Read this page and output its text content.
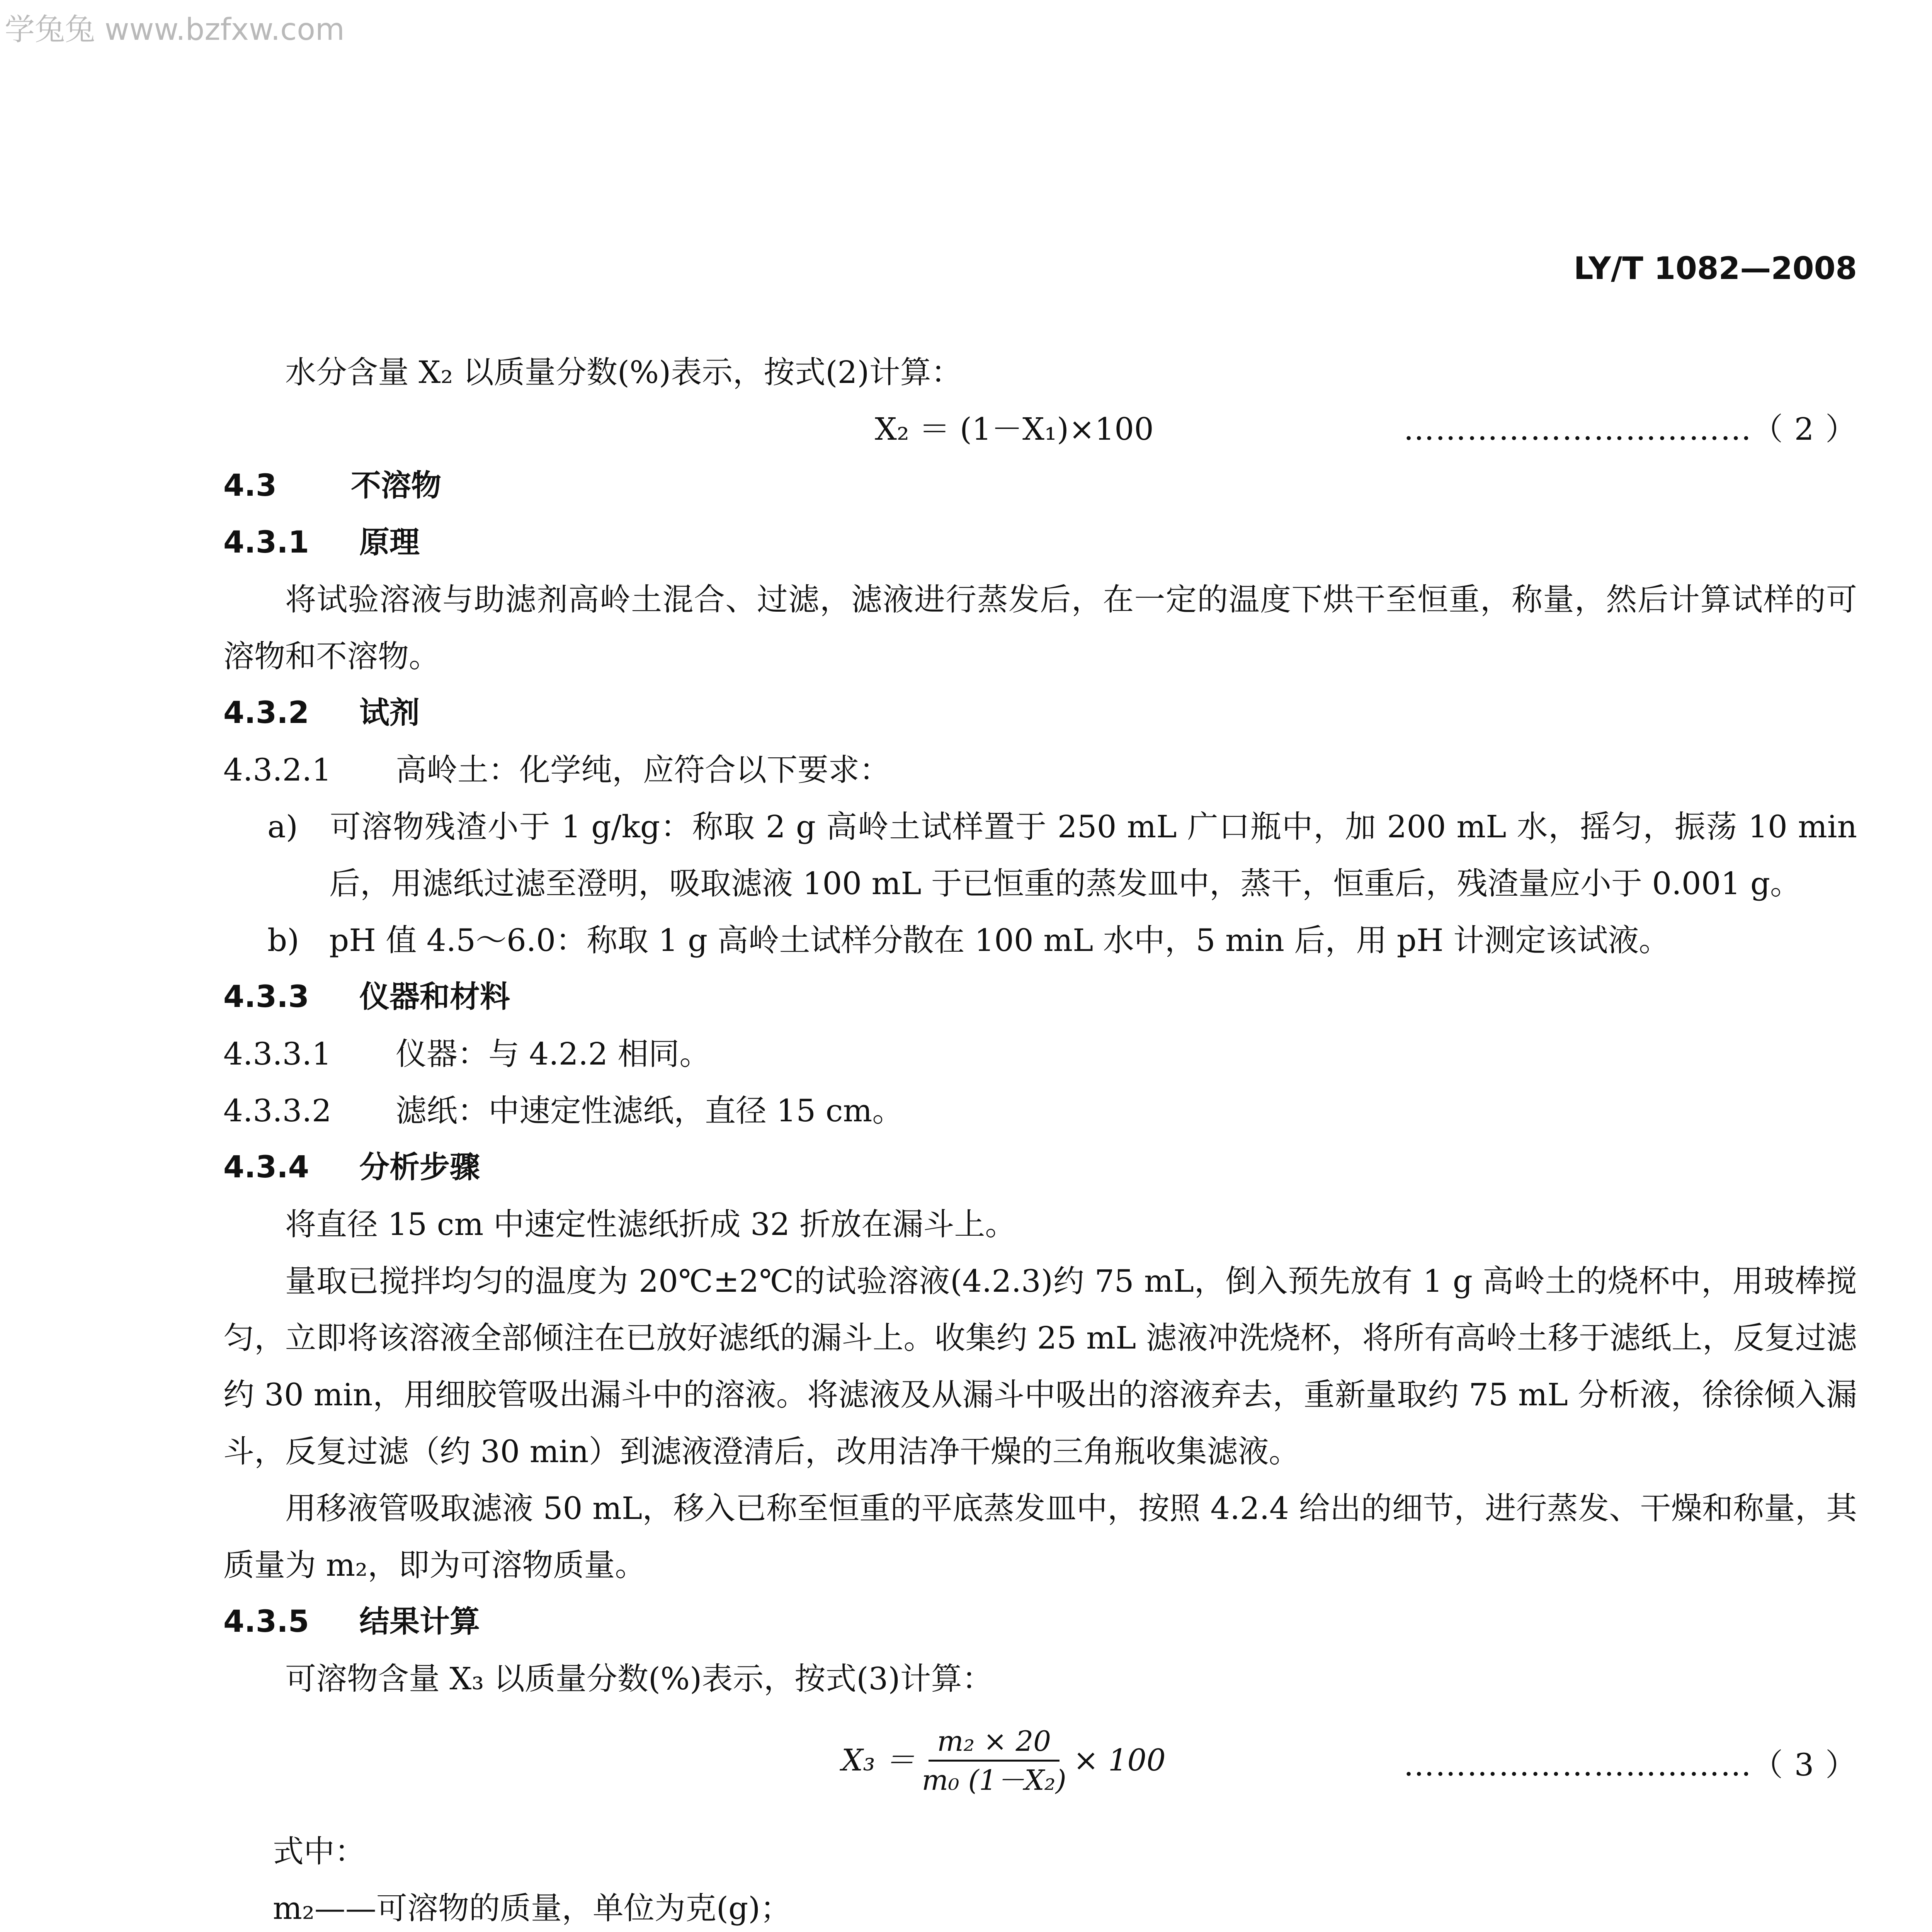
学兔兔 www.bzfxw.com
LY/T 1082—2008

水分含量 X₂ 以质量分数(%)表示，按式(2)计算：

X₂ ＝ (1－X₁)×100	……………………………（ 2 ）

4.3 不溶物

4.3.1 原理

将试验溶液与助滤剂高岭土混合、过滤，滤液进行蒸发后，在一定的温度下烘干至恒重，称量，然后计算试样的可溶物和不溶物。

4.3.2 试剂

4.3.2.1 高岭土：化学纯，应符合以下要求：

a) 可溶物残渣小于 1 g/kg：称取 2 g 高岭土试样置于 250 mL 广口瓶中，加 200 mL 水，摇匀，振荡 10 min 后，用滤纸过滤至澄明，吸取滤液 100 mL 于已恒重的蒸发皿中，蒸干，恒重后，残渣量应小于 0.001 g。

b) pH 值 4.5～6.0：称取 1 g 高岭土试样分散在 100 mL 水中，5 min 后，用 pH 计测定该试液。

4.3.3 仪器和材料

4.3.3.1 仪器：与 4.2.2 相同。

4.3.3.2 滤纸：中速定性滤纸，直径 15 cm。

4.3.4 分析步骤

将直径 15 cm 中速定性滤纸折成 32 折放在漏斗上。

量取已搅拌均匀的温度为 20℃±2℃的试验溶液(4.2.3)约 75 mL，倒入预先放有 1 g 高岭土的烧杯中，用玻棒搅匀，立即将该溶液全部倾注在已放好滤纸的漏斗上。收集约 25 mL 滤液冲洗烧杯，将所有高岭土移于滤纸上，反复过滤约 30 min，用细胶管吸出漏斗中的溶液。将滤液及从漏斗中吸出的溶液弃去，重新量取约 75 mL 分析液，徐徐倾入漏斗，反复过滤（约 30 min）到滤液澄清后，改用洁净干燥的三角瓶收集滤液。

用移液管吸取滤液 50 mL，移入已称至恒重的平底蒸发皿中，按照 4.2.4 给出的细节，进行蒸发、干燥和称量，其质量为 m₂，即为可溶物质量。

4.3.5 结果计算

可溶物含量 X₃ 以质量分数(%)表示，按式(3)计算：

$X_3 = \frac{\text{m₂ × 20}}{\text{m₀ (1－X₂)}} \times 100$	……………………………（ 3 ）

式中：

m₂——可溶物的质量，单位为克(g)；
